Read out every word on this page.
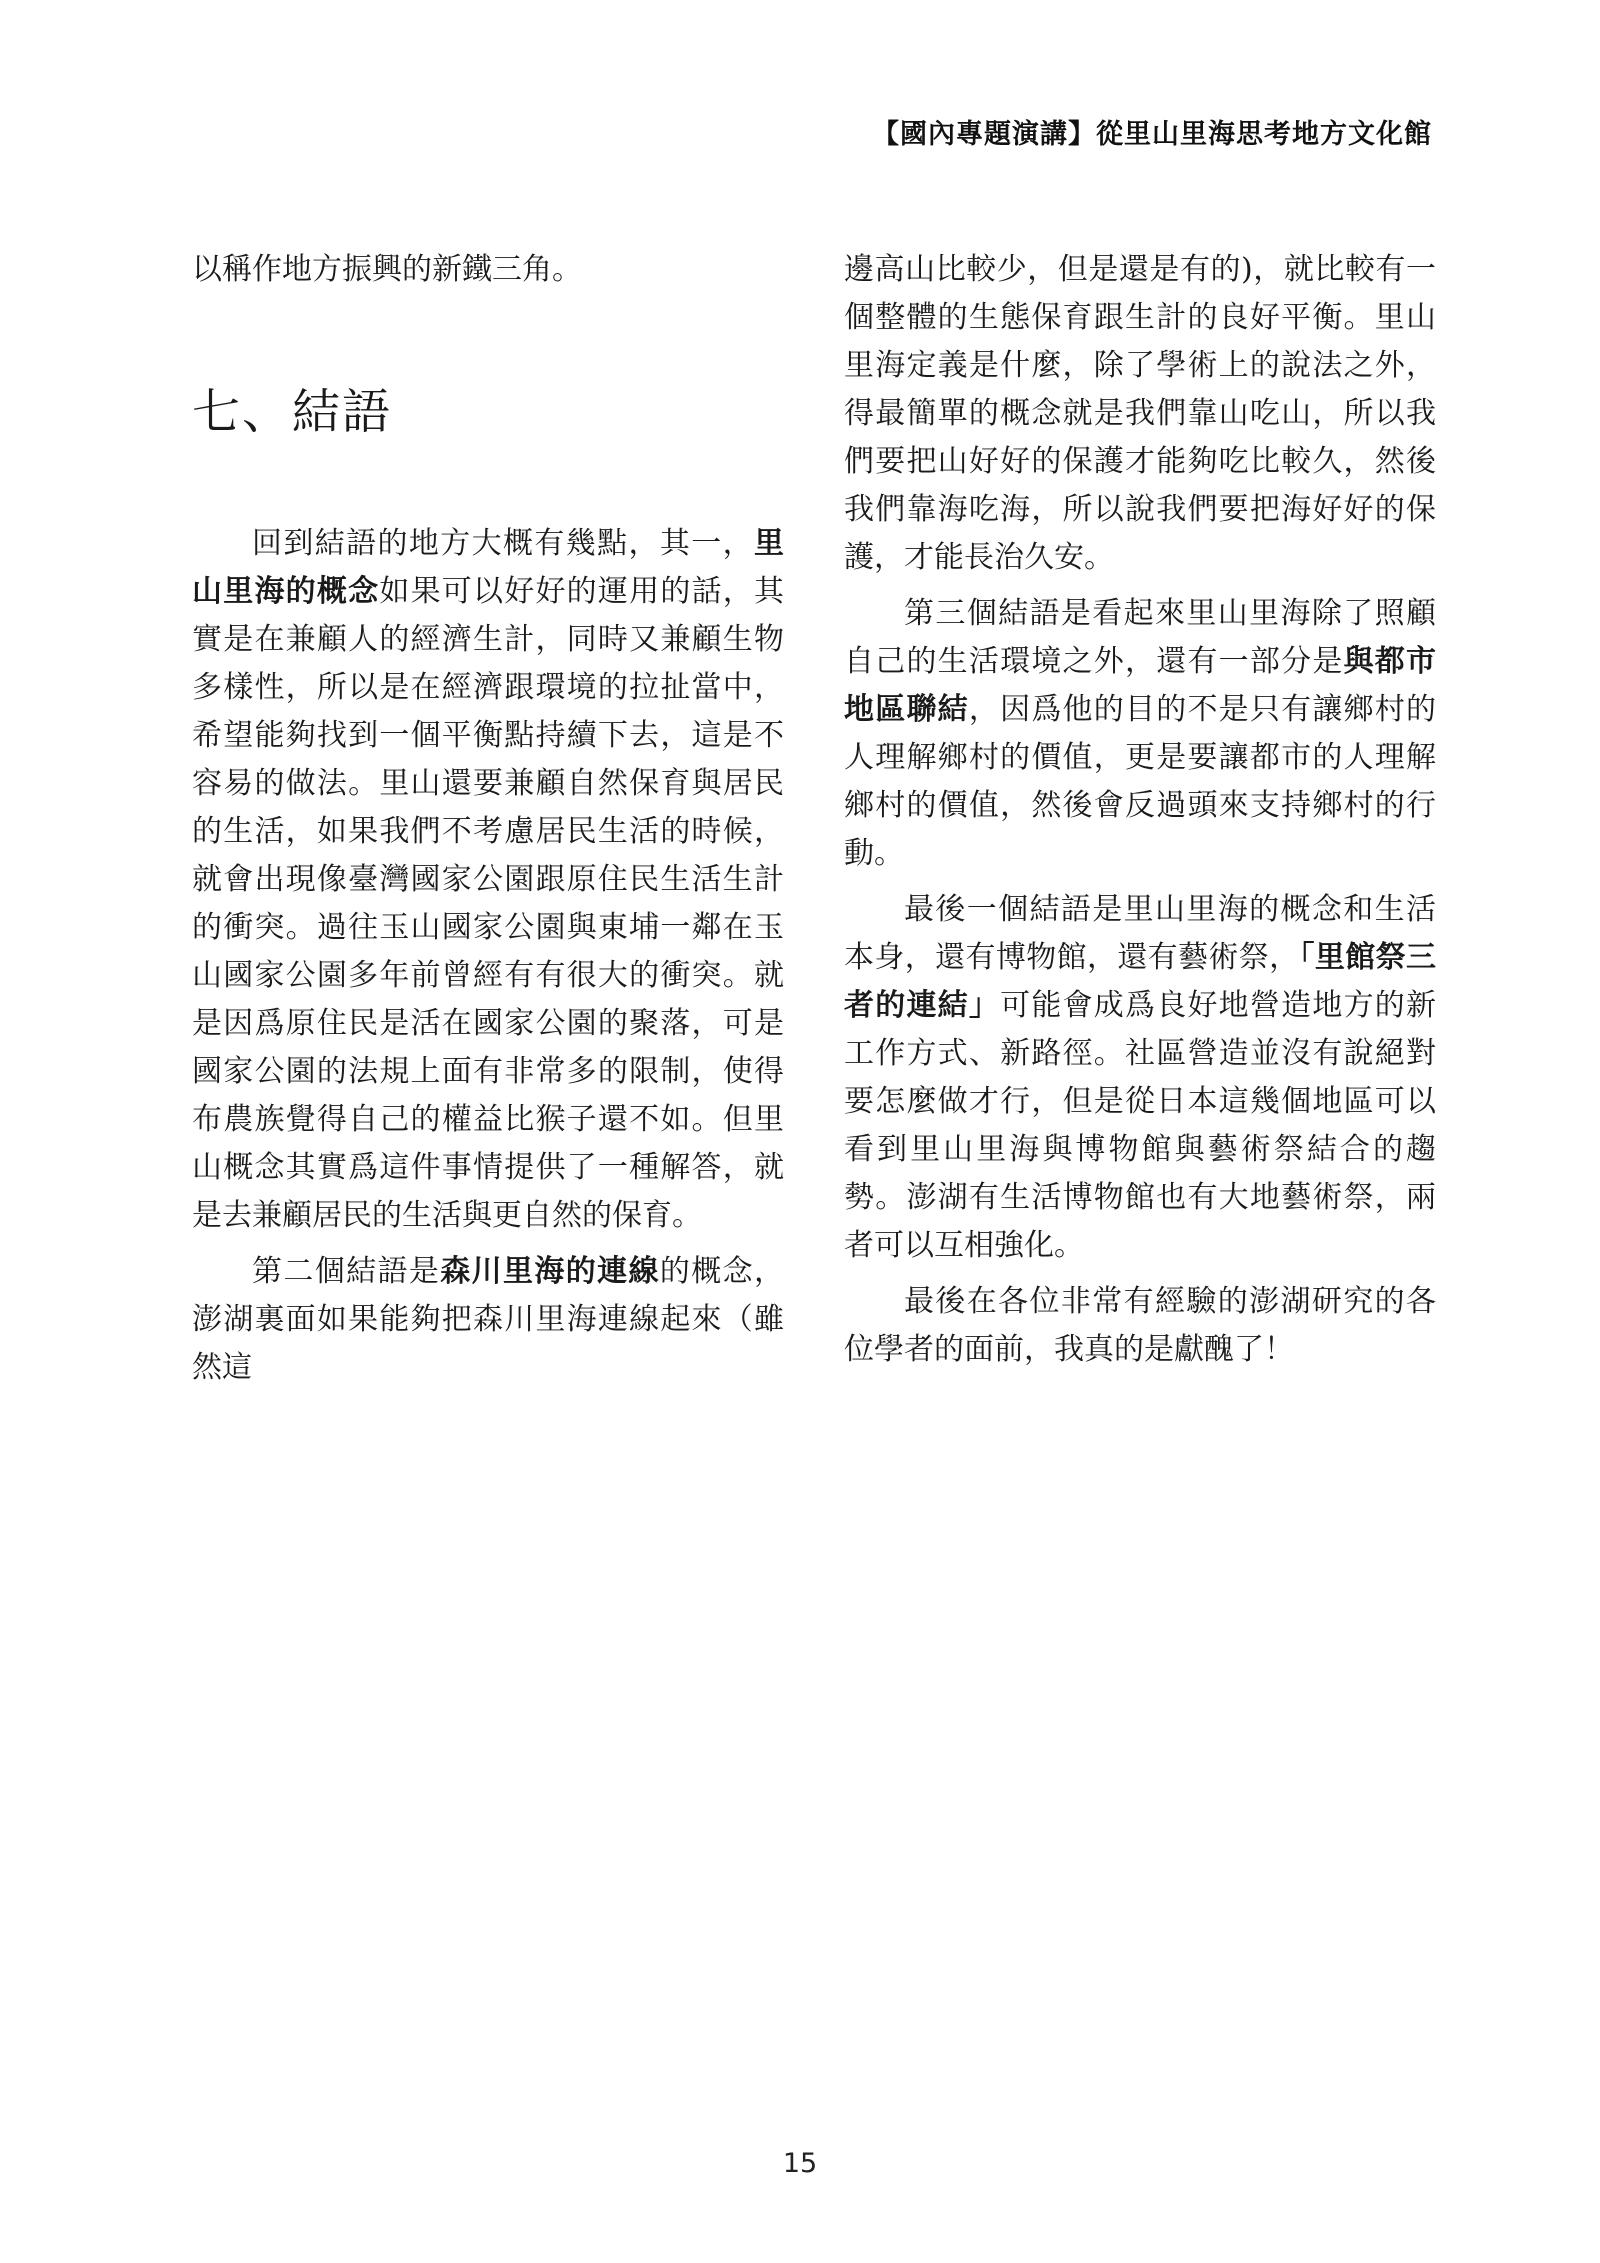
【國內專題演講】從里山里海思考地方文化館

以稱作地方振興的新鐵三角。

七、結語

回到結語的地方大概有幾點，其一，里山里海的概念如果可以好好的運用的話，其實是在兼顧人的經濟生計，同時又兼顧生物多樣性，所以是在經濟跟環境的拉扯當中，希望能夠找到一個平衡點持續下去，這是不容易的做法。里山還要兼顧自然保育與居民的生活，如果我們不考慮居民生活的時候，就會出現像臺灣國家公園跟原住民生活生計的衝突。過往玉山國家公園與東埔一鄰在玉山國家公園多年前曾經有有很大的衝突。就是因爲原住民是活在國家公園的聚落，可是國家公園的法規上面有非常多的限制，使得布農族覺得自己的權益比猴子還不如。但里山概念其實爲這件事情提供了一種解答，就是去兼顧居民的生活與更自然的保育。

第二個結語是森川里海的連線的概念，澎湖裏面如果能夠把森川里海連線起來（雖然這

邊高山比較少，但是還是有的)，就比較有一個整體的生態保育跟生計的良好平衡。里山里海定義是什麼，除了學術上的說法之外，得最簡單的概念就是我們靠山吃山，所以我們要把山好好的保護才能夠吃比較久，然後我們靠海吃海，所以說我們要把海好好的保護，才能長治久安。

第三個結語是看起來里山里海除了照顧自己的生活環境之外，還有一部分是與都市地區聯結，因爲他的目的不是只有讓鄉村的人理解鄉村的價值，更是要讓都市的人理解鄉村的價值，然後會反過頭來支持鄉村的行動。

最後一個結語是里山里海的概念和生活本身，還有博物館，還有藝術祭，「里館祭三者的連結」可能會成爲良好地營造地方的新工作方式、新路徑。社區營造並沒有說絕對要怎麼做才行，但是從日本這幾個地區可以看到里山里海與博物館與藝術祭結合的趨勢。澎湖有生活博物館也有大地藝術祭，兩者可以互相強化。

最後在各位非常有經驗的澎湖研究的各位學者的面前，我真的是獻醜了！

15
